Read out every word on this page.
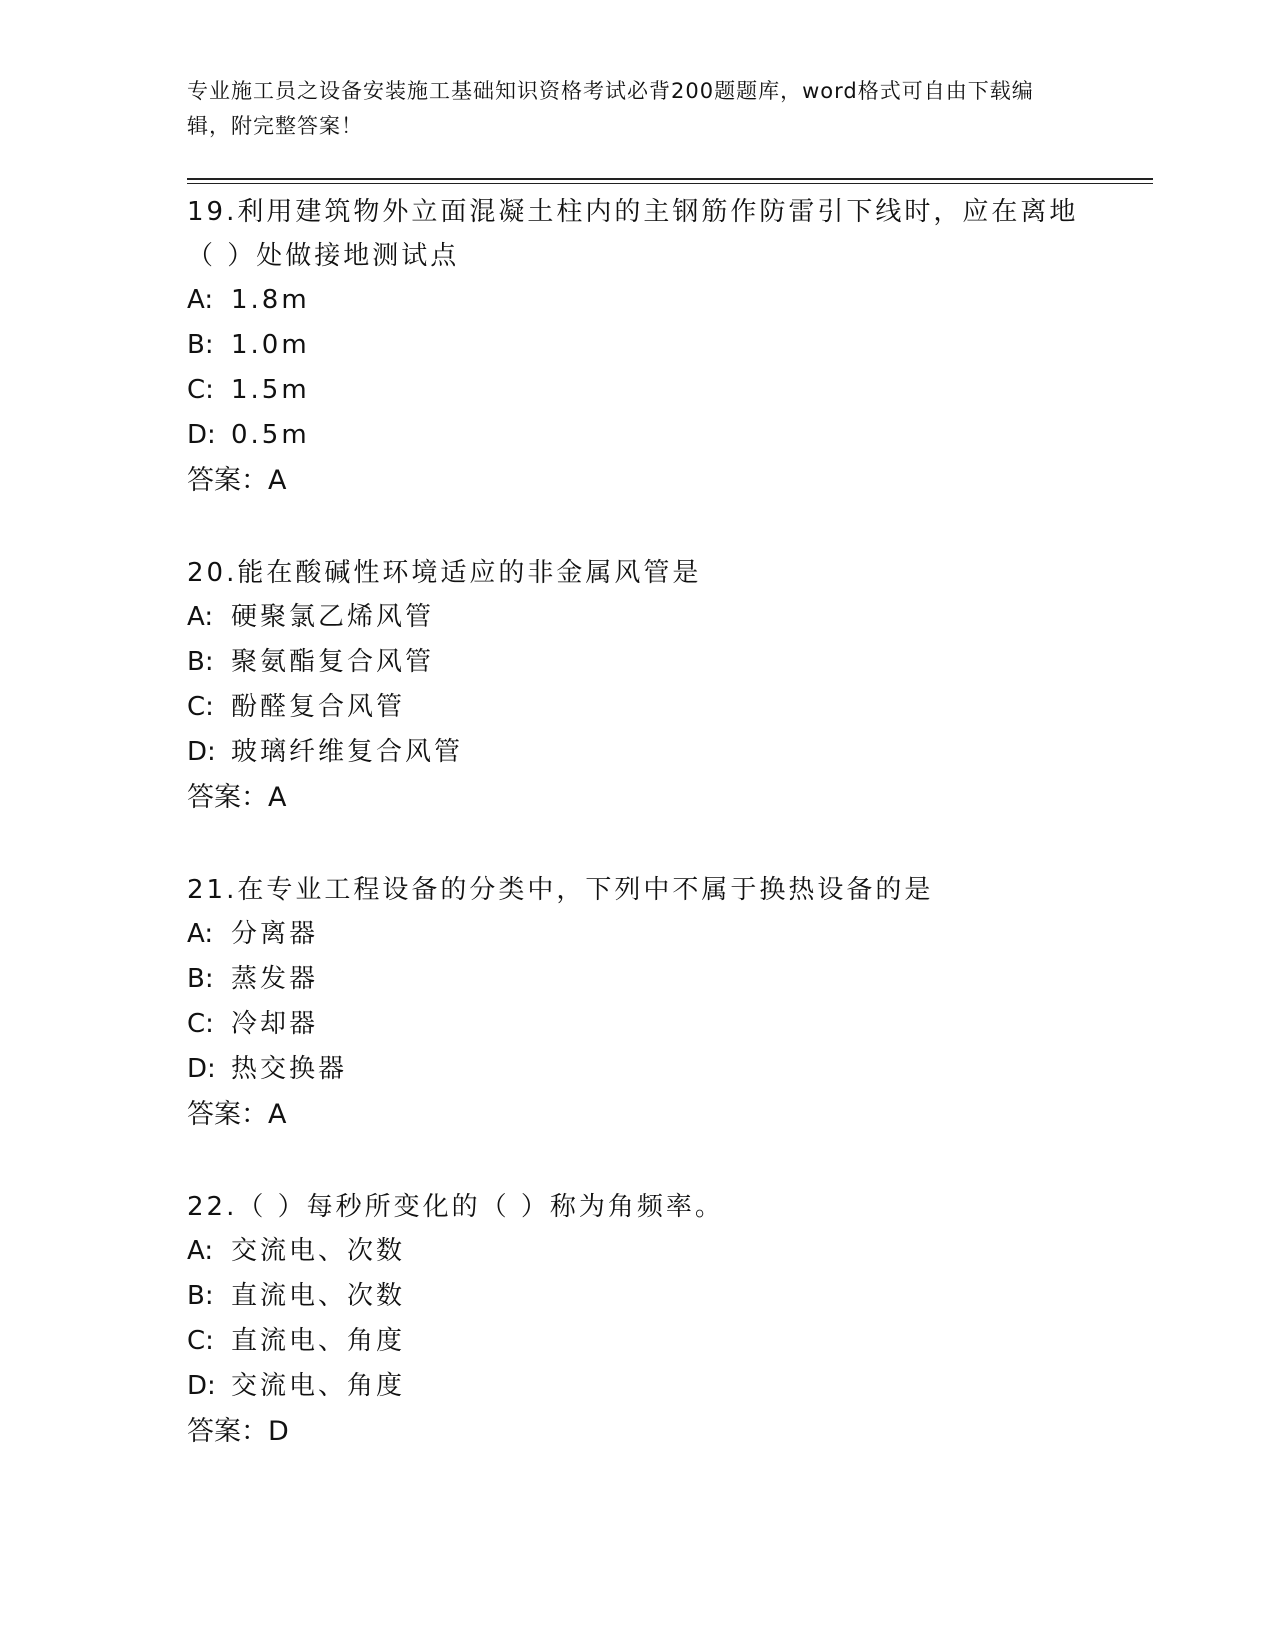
专业施工员之设备安装施工基础知识资格考试必背200题题库，word格式可自由下载编辑，附完整答案！
19.利用建筑物外立面混凝土柱内的主钢筋作防雷引下线时，应在离地（ ）处做接地测试点
A: 1.8m
B: 1.0m
C: 1.5m
D: 0.5m
答案：A
20.能在酸碱性环境适应的非金属风管是
A: 硬聚氯乙烯风管
B: 聚氨酯复合风管
C: 酚醛复合风管
D: 玻璃纤维复合风管
答案：A
21.在专业工程设备的分类中，下列中不属于换热设备的是
A: 分离器
B: 蒸发器
C: 冷却器
D: 热交换器
答案：A
22.（ ）每秒所变化的（ ）称为角频率。
A: 交流电、次数
B: 直流电、次数
C: 直流电、角度
D: 交流电、角度
答案：D
